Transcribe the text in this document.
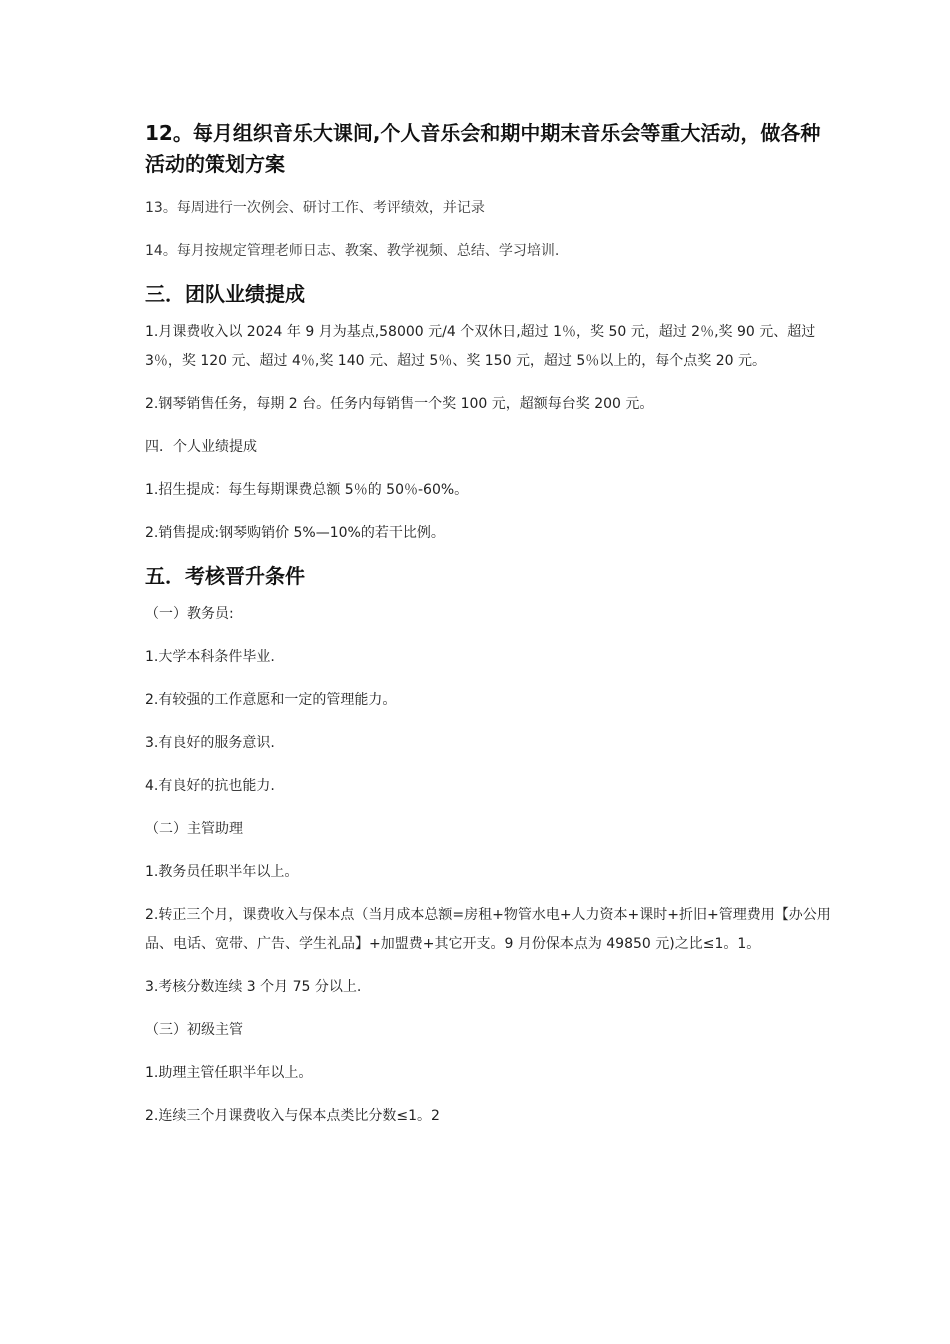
12。每月组织音乐大课间,个人音乐会和期中期末音乐会等重大活动，做各种活动的策划方案
13。每周进行一次例会、研讨工作、考评绩效，并记录
14。每月按规定管理老师日志、教案、教学视频、总结、学习培训.
三．团队业绩提成
1.月课费收入以 2024 年 9 月为基点,58000 元/4 个双休日,超过 1％，奖 50 元，超过 2％,奖 90 元、超过 3％，奖 120 元、超过 4％,奖 140 元、超过 5％、奖 150 元，超过 5％以上的，每个点奖 20 元。
2.钢琴销售任务，每期 2 台。任务内每销售一个奖 100 元，超额每台奖 200 元。
四．个人业绩提成
1.招生提成：每生每期课费总额 5％的 50％-60%。
2.销售提成:钢琴购销价 5%—10%的若干比例。
五．考核晋升条件
（一）教务员:
1.大学本科条件毕业.
2.有较强的工作意愿和一定的管理能力。
3.有良好的服务意识.
4.有良好的抗也能力.
（二）主管助理
1.教务员任职半年以上。
2.转正三个月，课费收入与保本点（当月成本总额=房租+物管水电+人力资本+课时+折旧+管理费用【办公用品、电话、宽带、广告、学生礼品】+加盟费+其它开支。9 月份保本点为 49850 元)之比≤1。1。
3.考核分数连续 3 个月 75 分以上.
（三）初级主管
1.助理主管任职半年以上。
2.连续三个月课费收入与保本点类比分数≤1。2
